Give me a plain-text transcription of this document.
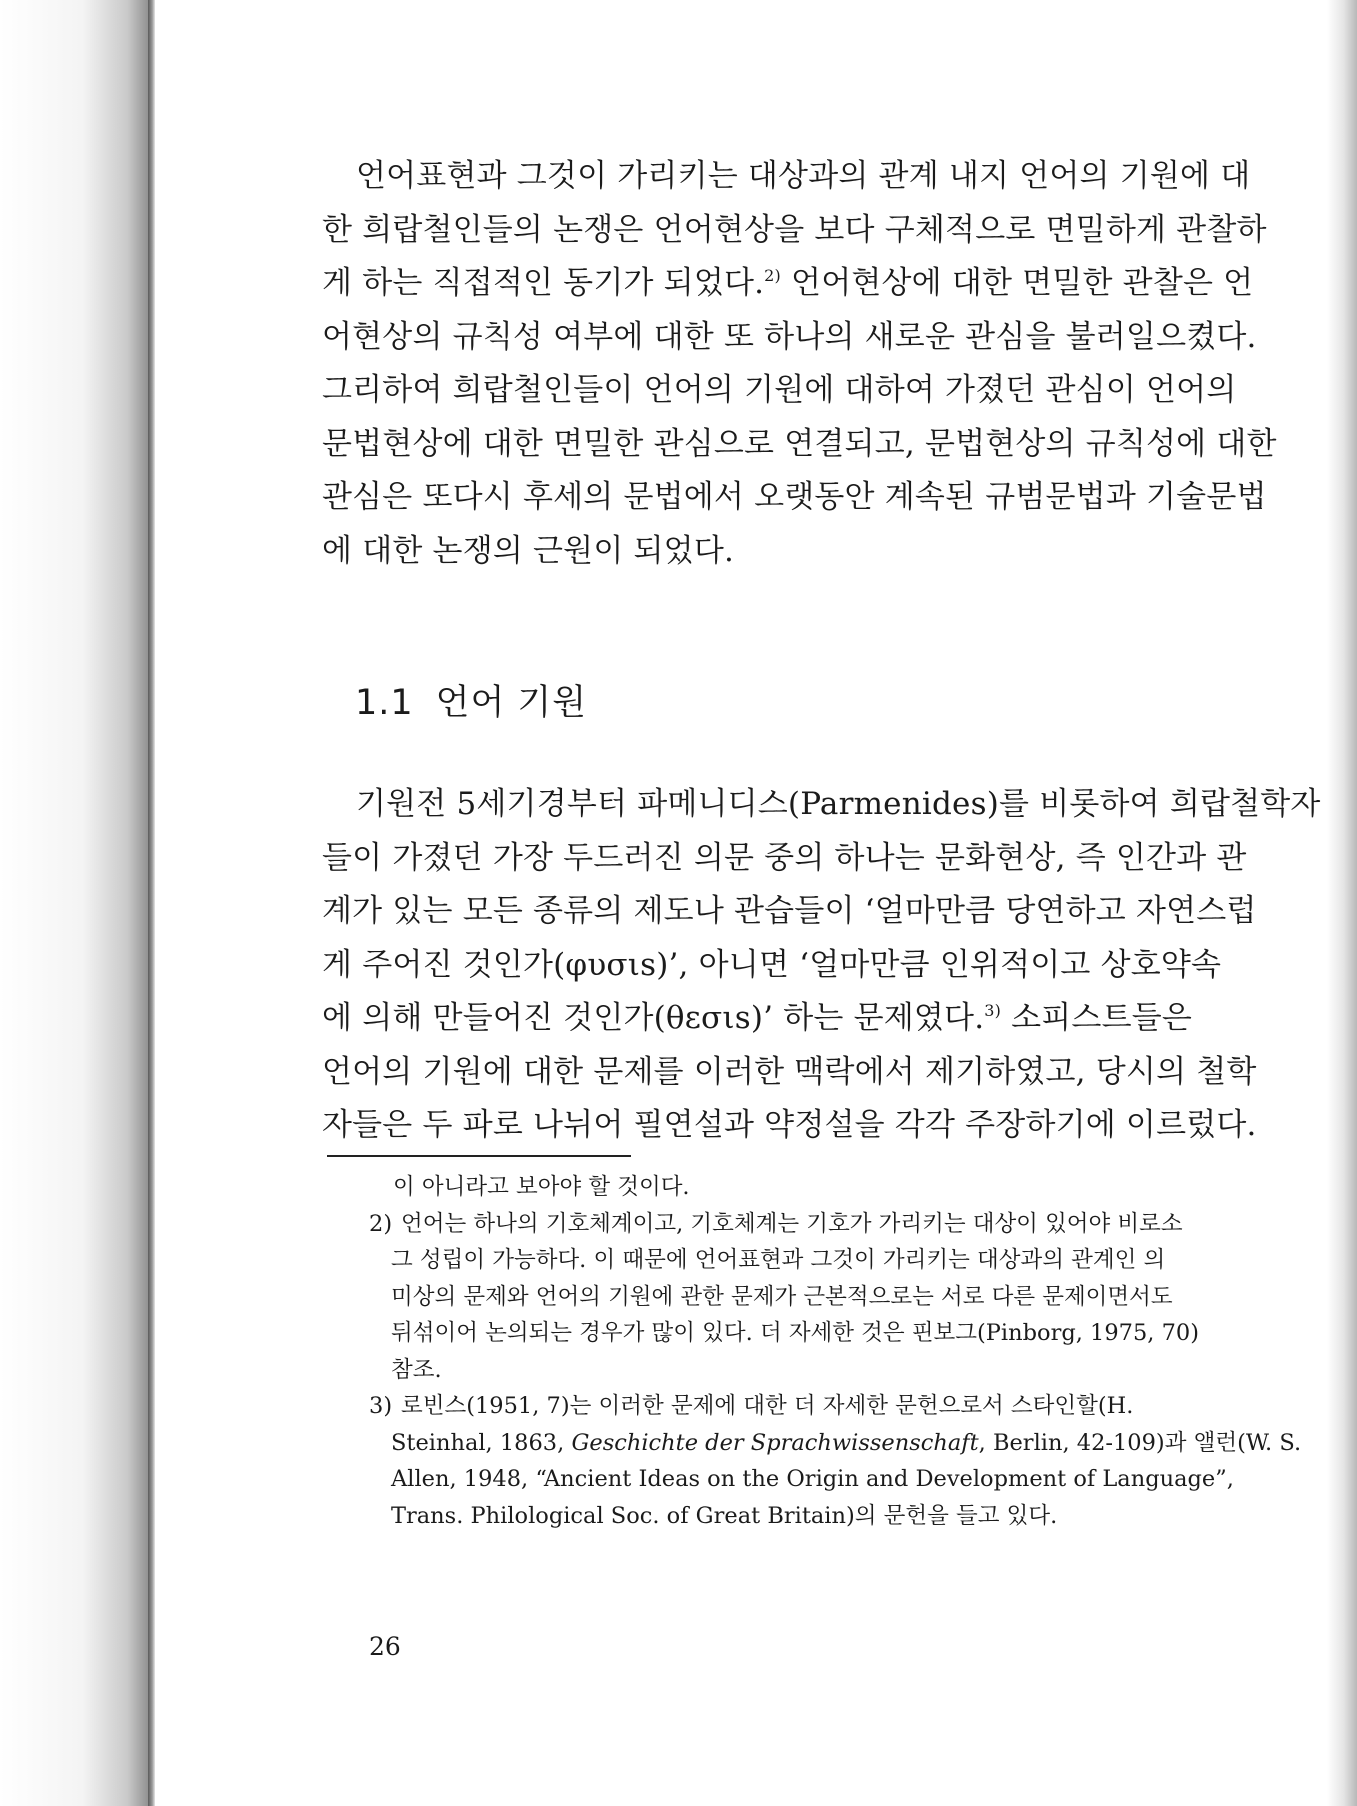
언어표현과 그것이 가리키는 대상과의 관계 내지 언어의 기원에 대
한 희랍철인들의 논쟁은 언어현상을 보다 구체적으로 면밀하게 관찰하
게 하는 직접적인 동기가 되었다.$^{2)}$ 언어현상에 대한 면밀한 관찰은 언
어현상의 규칙성 여부에 대한 또 하나의 새로운 관심을 불러일으켰다.
그리하여 희랍철인들이 언어의 기원에 대하여 가졌던 관심이 언어의
문법현상에 대한 면밀한 관심으로 연결되고, 문법현상의 규칙성에 대한
관심은 또다시 후세의 문법에서 오랫동안 계속된 규범문법과 기술문법
에 대한 논쟁의 근원이 되었다.

1.1 언어 기원

기원전 5세기경부터 파메니디스(Parmenides)를 비롯하여 희랍철학자
들이 가졌던 가장 두드러진 의문 중의 하나는 문화현상, 즉 인간과 관
계가 있는 모든 종류의 제도나 관습들이 ‘얼마만큼 당연하고 자연스럽
게 주어진 것인가(φυσιѕ)’, 아니면 ‘얼마만큼 인위적이고 상호약속
에 의해 만들어진 것인가(θεσιѕ)’ 하는 문제였다.$^{3)}$ 소피스트들은
언어의 기원에 대한 문제를 이러한 맥락에서 제기하였고, 당시의 철학
자들은 두 파로 나뉘어 필연설과 약정설을 각각 주장하기에 이르렀다.

이 아니라고 보아야 할 것이다.
2) 언어는 하나의 기호체계이고, 기호체계는 기호가 가리키는 대상이 있어야 비로소
그 성립이 가능하다. 이 때문에 언어표현과 그것이 가리키는 대상과의 관계인 의
미상의 문제와 언어의 기원에 관한 문제가 근본적으로는 서로 다른 문제이면서도
뒤섞이어 논의되는 경우가 많이 있다. 더 자세한 것은 핀보그(Pinborg, 1975, 70)
참조.
3) 로빈스(1951, 7)는 이러한 문제에 대한 더 자세한 문헌으로서 스타인할(H.
Steinhal, 1863, Geschichte der Sprachwissenschaft, Berlin, 42-109)과 앨런(W. S.
Allen, 1948, “Ancient Ideas on the Origin and Development of Language”,
Trans. Philological Soc. of Great Britain)의 문헌을 들고 있다.
26
